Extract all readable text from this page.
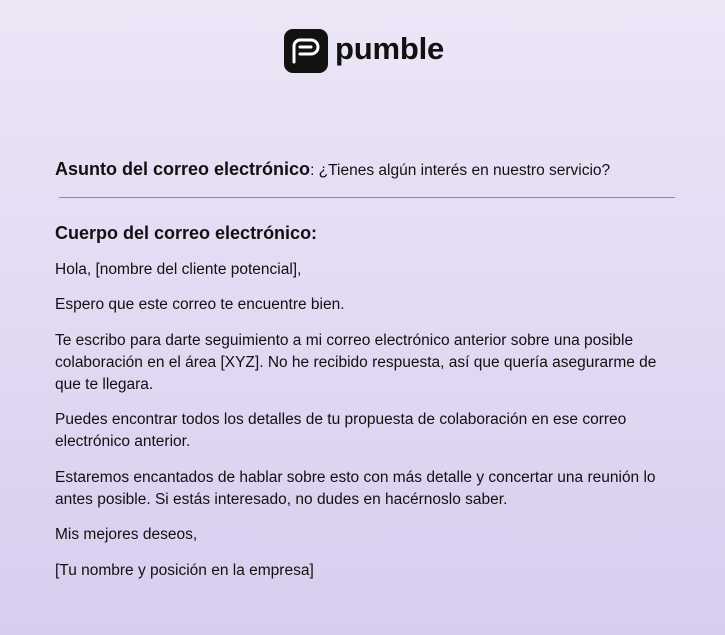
pumble
Asunto del correo electrónico: ¿Tienes algún interés en nuestro servicio?
Cuerpo del correo electrónico:

Hola, [nombre del cliente potencial],

Espero que este correo te encuentre bien.

Te escribo para darte seguimiento a mi correo electrónico anterior sobre una posible colaboración en el área [XYZ]. No he recibido respuesta, así que quería asegurarme de que te llegara.

Puedes encontrar todos los detalles de tu propuesta de colaboración en ese correo electrónico anterior.

Estaremos encantados de hablar sobre esto con más detalle y concertar una reunión lo antes posible. Si estás interesado, no dudes en hacérnoslo saber.

Mis mejores deseos,

[Tu nombre y posición en la empresa]
